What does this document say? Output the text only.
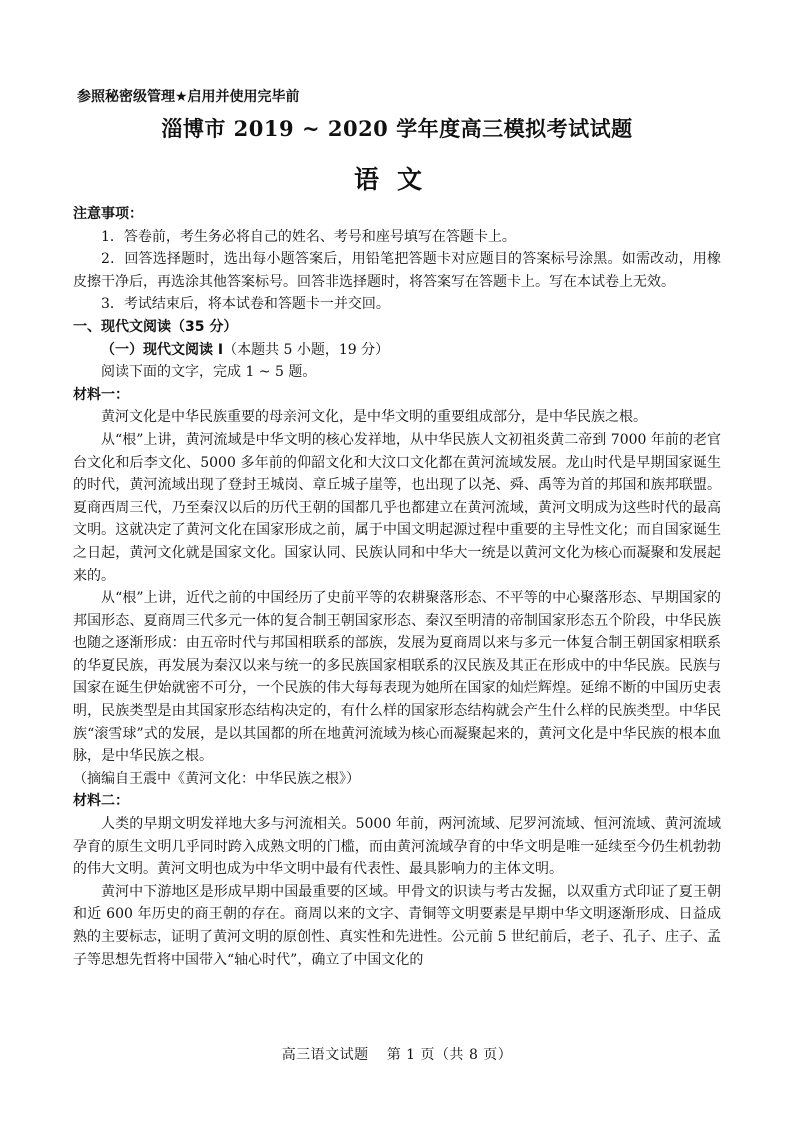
参照秘密级管理★启用并使用完毕前
淄博市 2019 ~ 2020 学年度高三模拟考试试题
语文

注意事项：

1．答卷前，考生务必将自己的姓名、考号和座号填写在答题卡上。

2．回答选择题时，选出每小题答案后，用铅笔把答题卡对应题目的答案标号涂黑。如需改动，用橡皮擦干净后，再选涂其他答案标号。回答非选择题时，将答案写在答题卡上。写在本试卷上无效。

3．考试结束后，将本试卷和答题卡一并交回。

一、现代文阅读（35 分）

（一）现代文阅读 I（本题共 5 小题，19 分）

阅读下面的文字，完成 1 ~ 5 题。

材料一：

黄河文化是中华民族重要的母亲河文化，是中华文明的重要组成部分，是中华民族之根。

从“根”上讲，黄河流域是中华文明的核心发祥地，从中华民族人文初祖炎黄二帝到 7000 年前的老官台文化和后李文化、5000 多年前的仰韶文化和大汶口文化都在黄河流域发展。龙山时代是早期国家诞生的时代，黄河流域出现了登封王城岗、章丘城子崖等，也出现了以尧、舜、禹等为首的邦国和族邦联盟。夏商西周三代，乃至秦汉以后的历代王朝的国都几乎也都建立在黄河流域，黄河文明成为这些时代的最高文明。这就决定了黄河文化在国家形成之前，属于中国文明起源过程中重要的主导性文化；而自国家诞生之日起，黄河文化就是国家文化。国家认同、民族认同和中华大一统是以黄河文化为核心而凝聚和发展起来的。

从“根”上讲，近代之前的中国经历了史前平等的农耕聚落形态、不平等的中心聚落形态、早期国家的邦国形态、夏商周三代多元一体的复合制王朝国家形态、秦汉至明清的帝制国家形态五个阶段，中华民族也随之逐渐形成：由五帝时代与邦国相联系的部族，发展为夏商周以来与多元一体复合制王朝国家相联系的华夏民族，再发展为秦汉以来与统一的多民族国家相联系的汉民族及其正在形成中的中华民族。民族与国家在诞生伊始就密不可分，一个民族的伟大每每表现为她所在国家的灿烂辉煌。延绵不断的中国历史表明，民族类型是由其国家形态结构决定的，有什么样的国家形态结构就会产生什么样的民族类型。中华民族“滚雪球”式的发展，是以其国都的所在地黄河流域为核心而凝聚起来的，黄河文化是中华民族的根本血脉，是中华民族之根。

（摘编自王震中《黄河文化：中华民族之根》）

材料二：

人类的早期文明发祥地大多与河流相关。5000 年前，两河流域、尼罗河流域、恒河流域、黄河流域孕育的原生文明几乎同时跨入成熟文明的门槛，而由黄河流域孕育的中华文明是唯一延续至今仍生机勃勃的伟大文明。黄河文明也成为中华文明中最有代表性、最具影响力的主体文明。

黄河中下游地区是形成早期中国最重要的区域。甲骨文的识读与考古发掘，以双重方式印证了夏王朝和近 600 年历史的商王朝的存在。商周以来的文字、青铜等文明要素是早期中华文明逐渐形成、日益成熟的主要标志，证明了黄河文明的原创性、真实性和先进性。公元前 5 世纪前后，老子、孔子、庄子、孟子等思想先哲将中国带入“轴心时代”，确立了中国文化的

高三语文试题 第 1 页（共 8 页）
